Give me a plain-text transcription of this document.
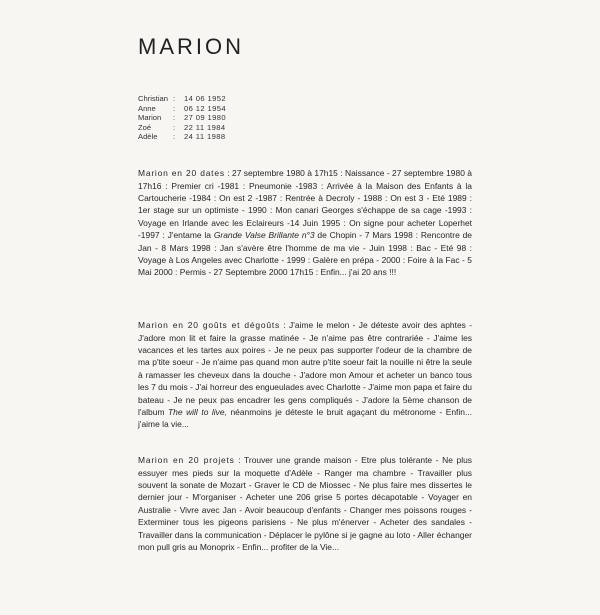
MARION
Christian :	14 06 1952
Anne	:	06 12 1954
Marion	:	27 09 1980
Zoé	:	22 11 1984
Adèle	:	24 11 1988

Marion en 20 dates : 27 septembre 1980 à 17h15 : Naissance - 27 septembre 1980 à 17h16 : Premier cri -1981 : Pneumonie -1983 : Arrivée à la Maison des Enfants à la Cartoucherie -1984 : On est 2 -1987 : Rentrée à Decroly - 1988 : On est 3 - Eté 1989 : 1er stage sur un optimiste - 1990 : Mon canari Georges s'échappe de sa cage -1993 : Voyage en Irlande avec les Eclaireurs -14 Juin 1995 : On signe pour acheter Loperhet -1997 : J'entame la Grande Valse Brillante n°3 de Chopin - 7 Mars 1998 : Rencontre de Jan - 8 Mars 1998 : Jan s'avère être l'homme de ma vie - Juin 1998 : Bac - Eté 98 : Voyage à Los Angeles avec Charlotte - 1999 : Galère en prépa - 2000 : Foire à la Fac - 5 Mai 2000 : Permis - 27 Septembre 2000 17h15 : Enfin... j'ai 20 ans !!!

Marion en 20 goûts et dégoûts : J'aime le melon - Je déteste avoir des aphtes - J'adore mon lit et faire la grasse matinée - Je n'aime pas être contrariée - J'aime les vacances et les tartes aux poires - Je ne peux pas supporter l'odeur de la chambre de ma p'tite soeur - Je n'aime pas quand mon autre p'tite soeur fait la nouille ni être la seule à ramasser les cheveux dans la douche - J'adore mon Amour et acheter un banco tous les 7 du mois - J'ai horreur des engueulades avec Charlotte - J'aime mon papa et faire du bateau - Je ne peux pas encadrer les gens compliqués - J'adore la 5ème chanson de l'album The will to live, néanmoins je déteste le bruit agaçant du métronome - Enfin... j'aime la vie...

Marion en 20 projets : Trouver une grande maison - Etre plus tolérante - Ne plus essuyer mes pieds sur la moquette d'Adèle - Ranger ma chambre - Travailler plus souvent la sonate de Mozart - Graver le CD de Miossec - Ne plus faire mes dissertes le dernier jour - M'organiser - Acheter une 206 grise 5 portes décapotable - Voyager en Australie - Vivre avec Jan - Avoir beaucoup d'enfants - Changer mes poissons rouges - Exterminer tous les pigeons parisiens - Ne plus m'énerver - Acheter des sandales - Travailler dans la communication - Déplacer le pylône si je gagne au loto - Aller échanger mon pull gris au Monoprix - Enfin... profiter de la Vie...
